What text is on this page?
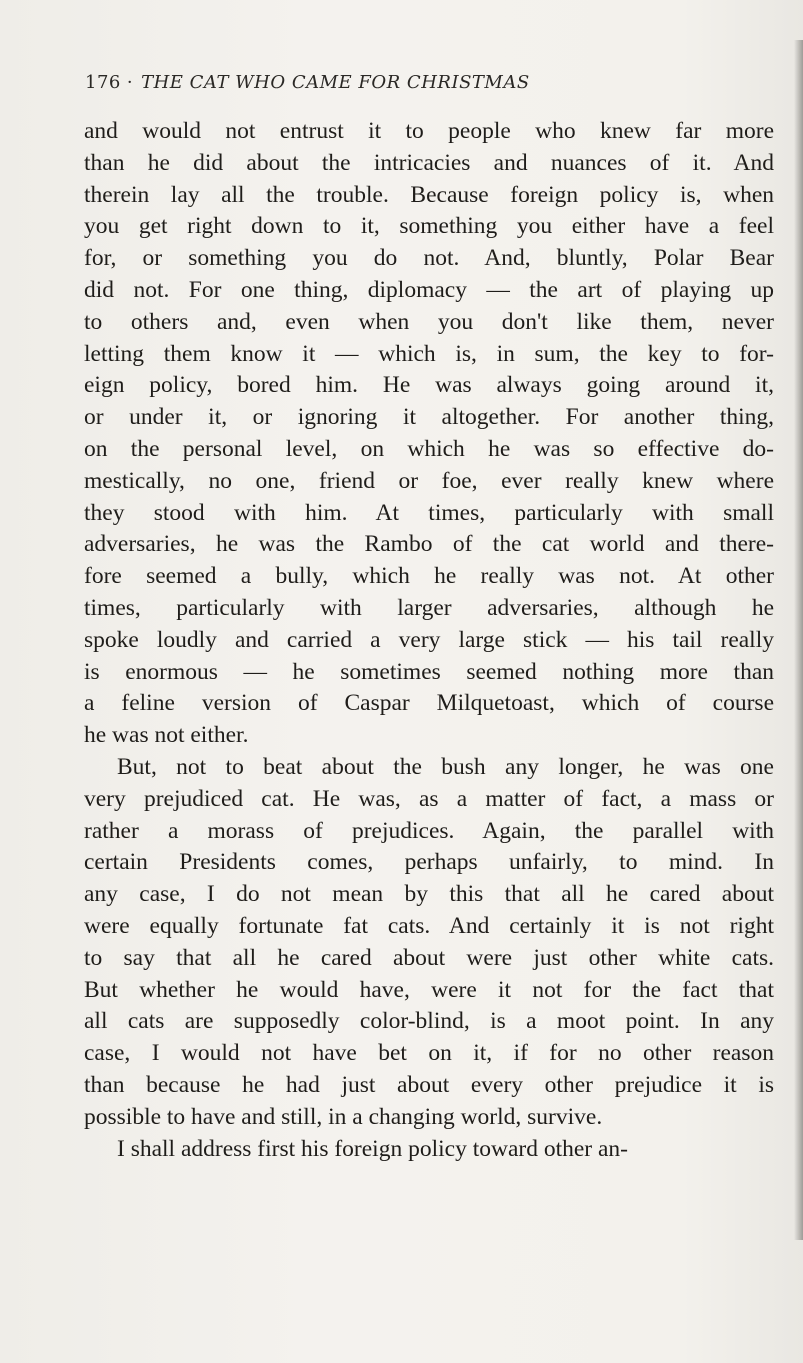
176 · THE CAT WHO CAME FOR CHRISTMAS
and would not entrust it to people who knew far more
than he did about the intricacies and nuances of it. And
therein lay all the trouble. Because foreign policy is, when
you get right down to it, something you either have a feel
for, or something you do not. And, bluntly, Polar Bear
did not. For one thing, diplomacy — the art of playing up
to others and, even when you don't like them, never
letting them know it — which is, in sum, the key to for-
eign policy, bored him. He was always going around it,
or under it, or ignoring it altogether. For another thing,
on the personal level, on which he was so effective do-
mestically, no one, friend or foe, ever really knew where
they stood with him. At times, particularly with small
adversaries, he was the Rambo of the cat world and there-
fore seemed a bully, which he really was not. At other
times, particularly with larger adversaries, although he
spoke loudly and carried a very large stick — his tail really
is enormous — he sometimes seemed nothing more than
a feline version of Caspar Milquetoast, which of course
he was not either.
But, not to beat about the bush any longer, he was one
very prejudiced cat. He was, as a matter of fact, a mass or
rather a morass of prejudices. Again, the parallel with
certain Presidents comes, perhaps unfairly, to mind. In
any case, I do not mean by this that all he cared about
were equally fortunate fat cats. And certainly it is not right
to say that all he cared about were just other white cats.
But whether he would have, were it not for the fact that
all cats are supposedly color-blind, is a moot point. In any
case, I would not have bet on it, if for no other reason
than because he had just about every other prejudice it is
possible to have and still, in a changing world, survive.
I shall address first his foreign policy toward other an-
